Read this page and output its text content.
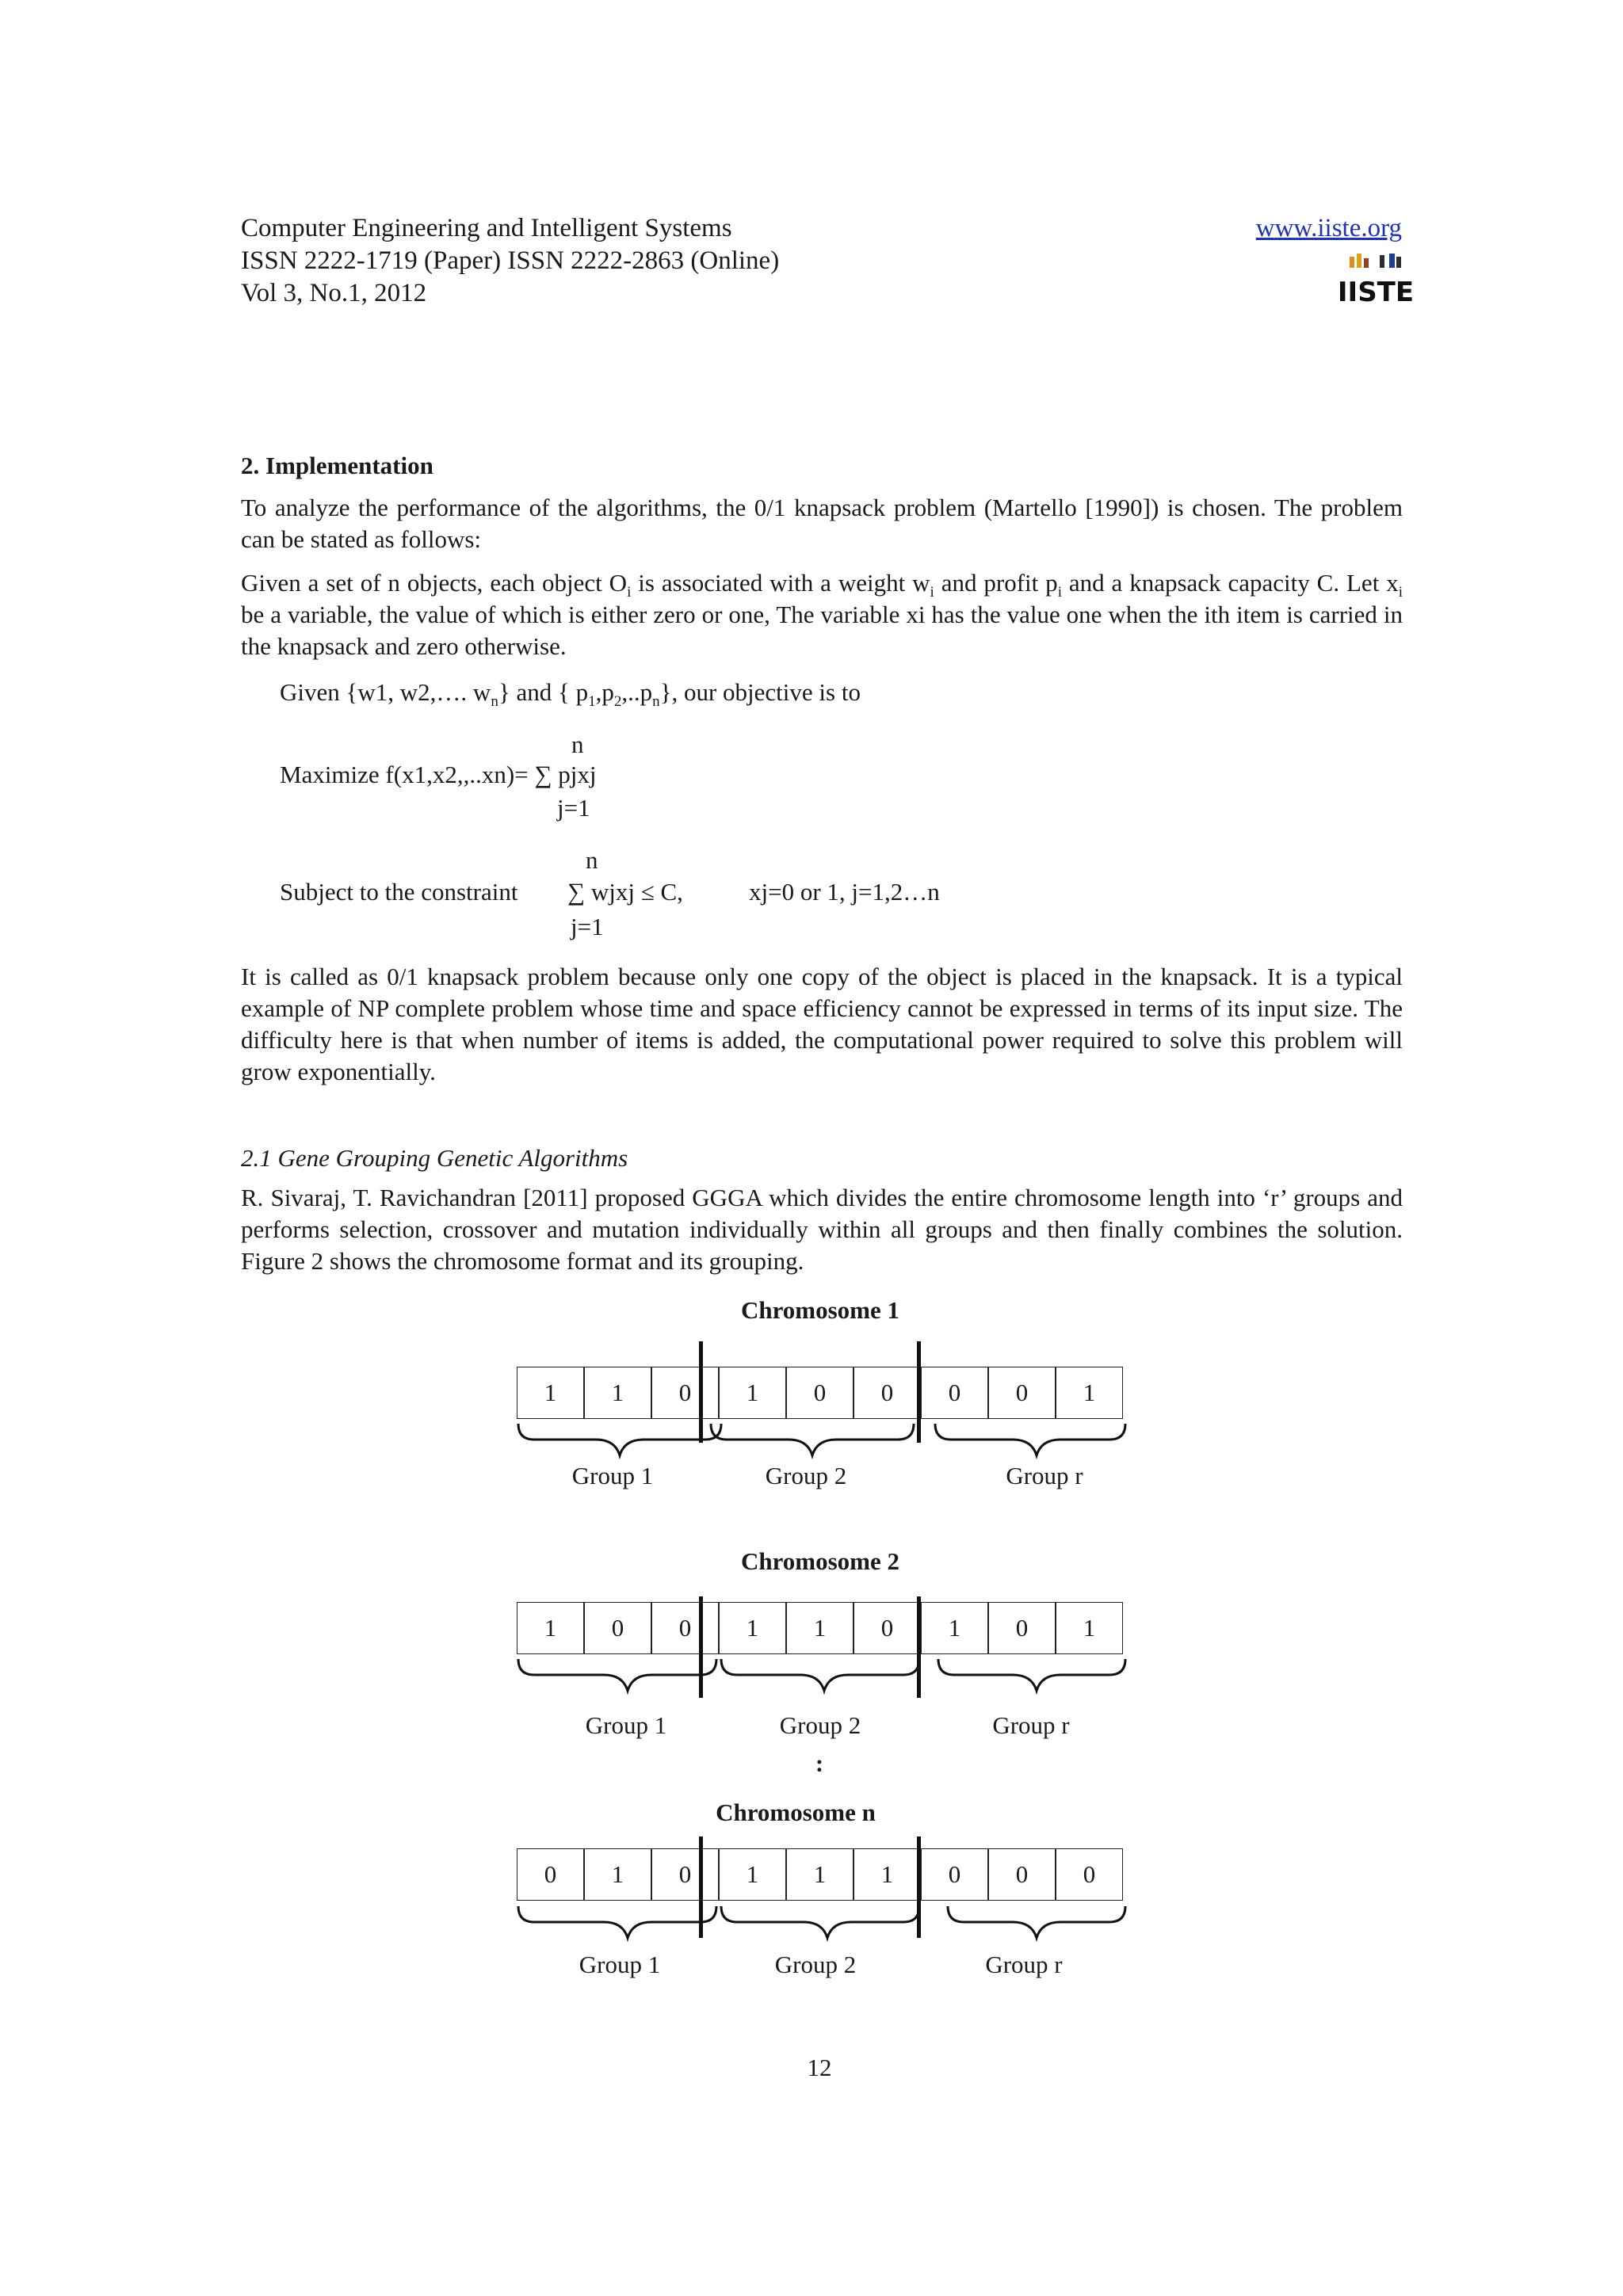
Computer Engineering and Intelligent Systems
ISSN 2222-1719 (Paper) ISSN 2222-2863 (Online)
Vol 3, No.1, 2012
www.iiste.org
IISTE
2. Implementation
To analyze the performance of the algorithms, the 0/1 knapsack problem (Martello [1990]) is chosen. The problem can be stated as follows:
Given a set of n objects, each object $O_i$ is associated with a weight $w_i$ and profit $p_i$ and a knapsack capacity C. Let $x_i$ be a variable, the value of which is either zero or one, The variable xi has the value one when the ith item is carried in the knapsack and zero otherwise.
Given {w1, w2,…. $w_n$} and { $p_1,p_2,..p_n$}, our objective is to
n
Maximize f(x1,x2,,..xn)= ∑ pjxj
j=1
n
Subject to the constraint ∑ wjxj ≤ C,	xj=0 or 1, j=1,2…n
j=1
It is called as 0/1 knapsack problem because only one copy of the object is placed in the knapsack. It is a typical example of NP complete problem whose time and space efficiency cannot be expressed in terms of its input size. The difficulty here is that when number of items is added, the computational power required to solve this problem will grow exponentially.
2.1 Gene Grouping Genetic Algorithms
R. Sivaraj, T. Ravichandran [2011] proposed GGGA which divides the entire chromosome length into ‘r’ groups and performs selection, crossover and mutation individually within all groups and then finally combines the solution. Figure 2 shows the chromosome format and its grouping.
Chromosome 1
1	1	0	1	0	0	0	0	1
Group 1	Group 2	Group r
Chromosome 2
1	0	0	1	1	0	1	0	1
Group 1	Group 2	Group r
:
Chromosome n
0	1	0	1	1	1	0	0	0
Group 1	Group 2	Group r
12
